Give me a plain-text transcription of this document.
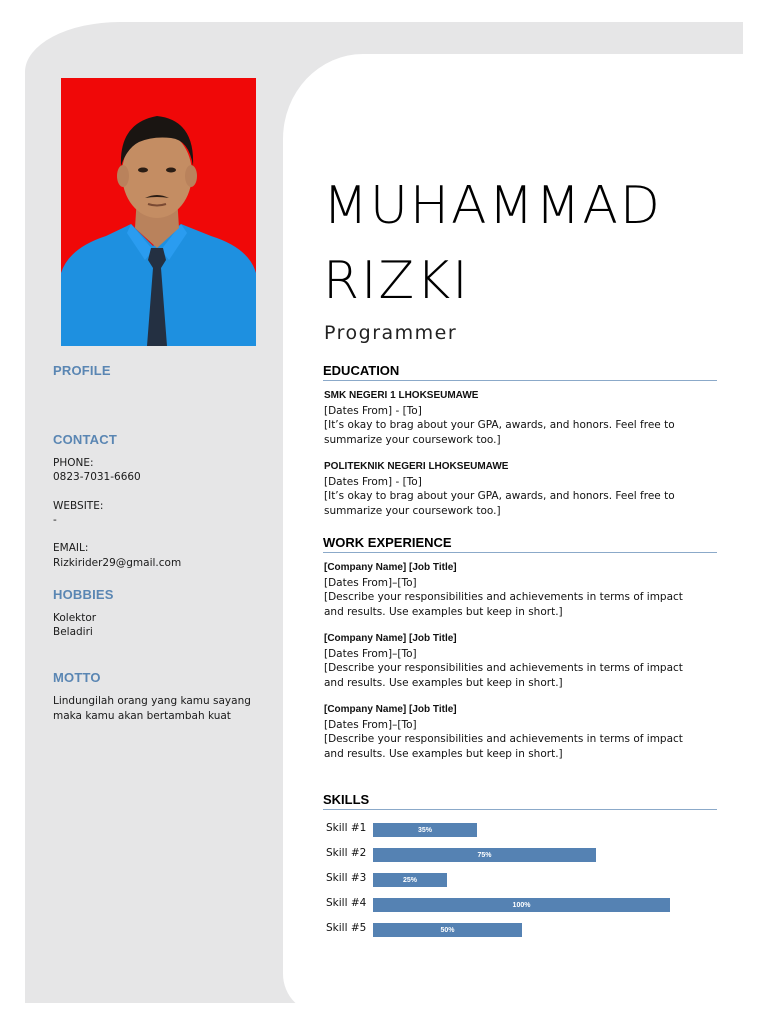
PROFILE
CONTACT
PHONE:
0823-7031-6660
WEBSITE:
-
EMAIL:
Rizkirider29@gmail.com
HOBBIES
Kolektor
Beladiri
MOTTO
Lindungilah orang yang kamu sayang
maka kamu akan bertambah kuat
MUHAMMAD
RIZKI
Programmer
EDUCATION
SMK NEGERI 1 LHOKSEUMAWE
[Dates From] - [To]
[It’s okay to brag about your GPA, awards, and honors. Feel free to
summarize your coursework too.]
POLITEKNIK NEGERI LHOKSEUMAWE
[Dates From] - [To]
[It’s okay to brag about your GPA, awards, and honors. Feel free to
summarize your coursework too.]
WORK EXPERIENCE
[Company Name] [Job Title]
[Dates From]–[To]
[Describe your responsibilities and achievements in terms of impact
and results. Use examples but keep in short.]
[Company Name] [Job Title]
[Dates From]–[To]
[Describe your responsibilities and achievements in terms of impact
and results. Use examples but keep in short.]
[Company Name] [Job Title]
[Dates From]–[To]
[Describe your responsibilities and achievements in terms of impact
and results. Use examples but keep in short.]
SKILLS
Skill #1	35%
Skill #2	75%
Skill #3	25%
Skill #4	100%
Skill #5	50%
